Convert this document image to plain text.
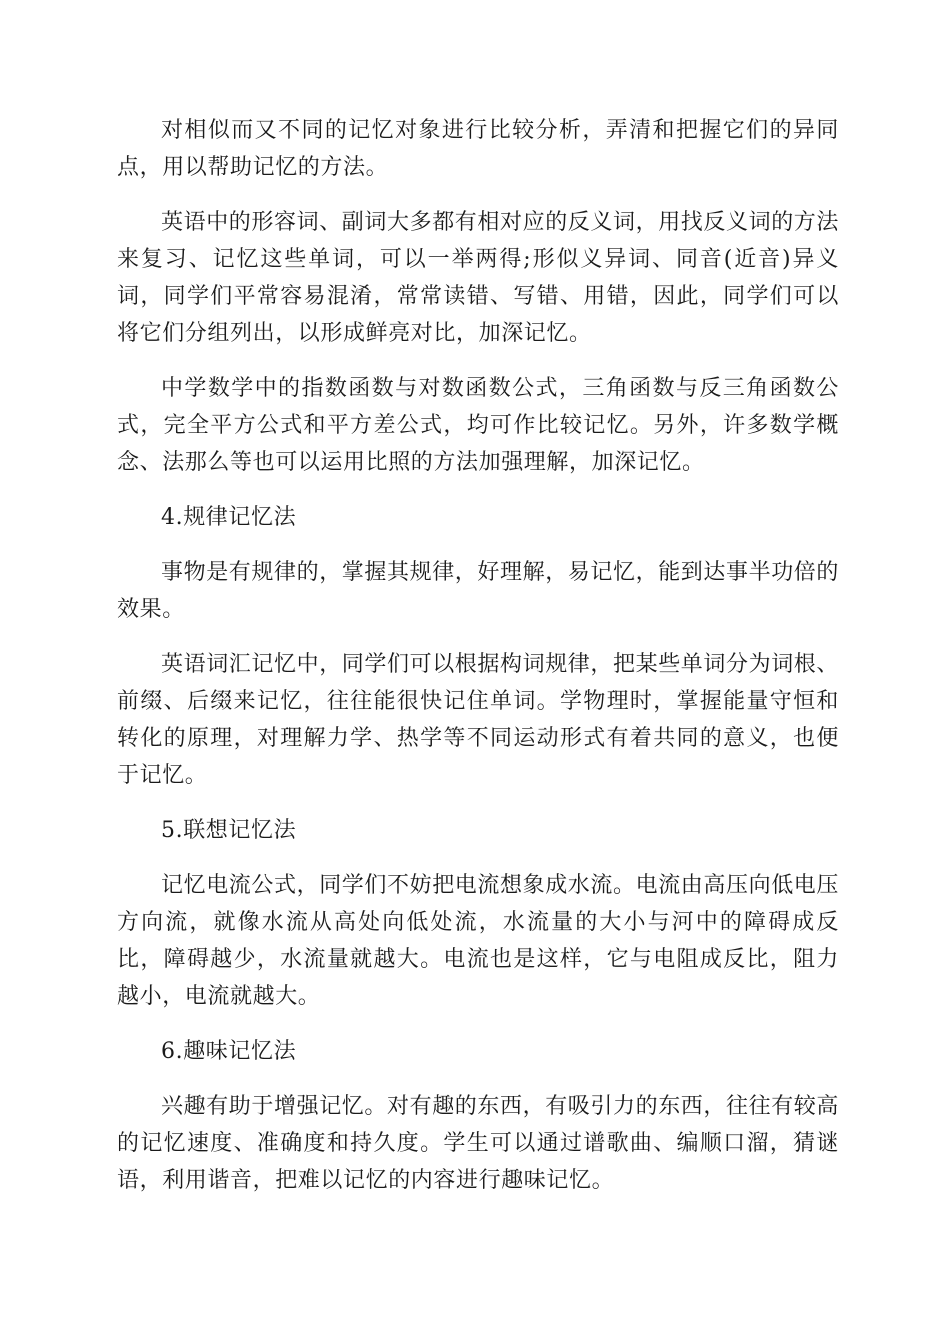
对相似而又不同的记忆对象进行比较分析，弄清和把握它们的异同点，用以帮助记忆的方法。

英语中的形容词、副词大多都有相对应的反义词，用找反义词的方法来复习、记忆这些单词，可以一举两得;形似义异词、同音(近音)异义词，同学们平常容易混淆，常常读错、写错、用错，因此，同学们可以将它们分组列出，以形成鲜亮对比，加深记忆。

中学数学中的指数函数与对数函数公式，三角函数与反三角函数公式，完全平方公式和平方差公式，均可作比较记忆。另外，许多数学概念、法那么等也可以运用比照的方法加强理解，加深记忆。

4.规律记忆法

事物是有规律的，掌握其规律，好理解，易记忆，能到达事半功倍的效果。

英语词汇记忆中，同学们可以根据构词规律，把某些单词分为词根、前缀、后缀来记忆，往往能很快记住单词。学物理时，掌握能量守恒和转化的原理，对理解力学、热学等不同运动形式有着共同的意义，也便于记忆。

5.联想记忆法

记忆电流公式，同学们不妨把电流想象成水流。电流由高压向低电压方向流，就像水流从高处向低处流，水流量的大小与河中的障碍成反比，障碍越少，水流量就越大。电流也是这样，它与电阻成反比，阻力越小，电流就越大。

6.趣味记忆法

兴趣有助于增强记忆。对有趣的东西，有吸引力的东西，往往有较高的记忆速度、准确度和持久度。学生可以通过谱歌曲、编顺口溜，猜谜语，利用谐音，把难以记忆的内容进行趣味记忆。
